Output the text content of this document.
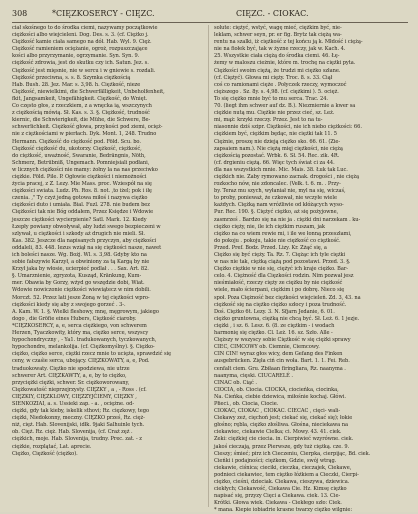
308	*CIĘZKOSERCY - CIĘZC.	CIĘZC. - CIOKAC.
ciał skośnego to do środka ciemi, nazywamy początkowie
ciężkości albo wiejcieleni. Dog. Des. s. 3. (cf. Ciężko j.
Ciężkość kamie ciała samego na dół. Hab. Wyl. 9. Cięż.
Ciężkość ramieniem ociężanie, ogroż, rozpuszczające
kości albo przyrzymanie, ogrzymanie. Syn. Syn. 9.
ciężkość zdrowia, jest do skutku czy ich. Satun. Jez. s.
Ciężkość jest mięsnie, nie w sercu i w gniewie s. rozdali.
Ciężkość przeciwna, s. s. 8. Szymka ciężkością
Hab. Bush. 28. Jez. Mar. s. 3,98. h. Ciężkość, nieze
Ciężkość, niewielkimi, die Schwerfälligkeit, Unbeholfenheit,
fkit, Jangsamkeit, Ungefähigkeit. Ciężkość, do Wnięt.
Co często głos, z rzeczkiem, z a wnęcka ią, wszczynych
z ciężkością mówią. Sł. Kas. s. 3. §. Ciężkość, trudność
kiernic, die Schwierigkeit, die Mühe, die Schwere, Be-
schwerlichkeit. Ciężkość głowa, przykości pod ziemi, ocięż-
nie z ciężkościami w pierłach. Dyk. Mont. 1, 248. Trudno
Hermann. Ciężkość do ciężkość pod. Föld. Scu. bo.
Ciężkość ciężkość du, ukotorzy. Ciężkość, ciężkość,
do ciężkość, uważność, Swaranie, Bedrängnis, Nöth,
Schmerz, Betrübniß, Ungemach. Pomniejsiali podłani,
w licznych ciężkości nie mamy: żołny la na nas przeciwko
ciężkie. Föld. Pile. P. Ogłowie ciężkości i niemożności
życia pracej, z Z. Lezy. Mie Mass. proc. Wziespół na się
ciężkości swiata. Ludz. Ph. Ros. 8. not. ,to iżel; pok i iłę
czenia. ," Ty czyż jedną gotowa miłoś i nazywa ciężko
ciężkości duto i umiała. Bial. Fuzl. 278. nie budem bez
Ciężkości tak nie Bóg oddałem, Przez Księdze i Wdowie
jeszcze ciężkości wycierpienie? Satl. Mark. 12. Kiedy
Łzepły powiany obwoływał, aby ludzi swego bezpieczeni w
szlywał, u ciężkości i szkody aż drugich nie mieli. Sł.
Kas. 382. Jeszcze dla napisanych przyczyn, aby ciężkości
oddaleli, 83. 448. Iezus wziął na się ciężkości nasze, nawet
ich boleści nasze. Wg. Bożj. Wl. s. 3,98. Gdyby kto na
sobie fałszywie Karzył, a obwiniony za tą Kargą by nie
Krzył jaka by włosie, ucierpieć podlał . . . Sax. Art. 82.
§. Umarznienie, zgryzota, Kusząd, Kränkung, Kum-
mer. Obawia by Gorzy, wżyd go wszędzie dobi, Wiat.
Wdowie nowiczonie ciężkości wiewiątecz w nim dobili.
Morczt. 52. Przez lati jesze Żoną w tej ciężkości wpro-
ciężkości kiedy się aby z swojego gorzeć . 3-.
A. Kam. W. 1. §. Wielki fleshowy, mnę, męgrowym, jakiego
dogo , die Gröfie eines Hubers, Ciężkość ciaroby.
*CIĘZKOSERCY, a, e, serca ciężkiego, von schwerem
Herzen, Tyaczkowity, który ma, ciężko serce, wszyscy
hypochondryczny , - Ya1. tradukowanych, tyczkowanych,
hypochondre, melankolija. (cf. Ciężkomyślny). §. Ciężko-
ciężko, ciężko serce, ciężki rzecz mnie to ucięża, sprawdzić się
ceny, w czaśie serca, ubojący. CIĘZKOWATY, a, e, Pod.
traduokowaty. Ciężko nie spodziewa, nie utrze
schwerer Art. CIĘZKAWTY, a, e, by to ciężko,
przyciężki ciężki, schwer. Sr. ciężkoworowany,
Ciężkowatość nieprzejrzysty. CIĘZKY , a , - Ross . (cf.
CIĘZKIY, CIĘZKLOWY, CIĘZZYJĆIEMY, CIĘZKY ,
SIENKOZIAI, a. s. Ussieki zap. - a. , ociężne. od-
ciężki, gdy tak kieby, iskelik sthovi; Rz. cięzkowy, tego
ciężki, Niedokonny, meczny. CIĘZKO prześ, Rz. cięż-
niż, cięż. Hab. Slovenijski, idłk. 9jaki Salhuinle tych.
ob. Cięż. Rz. cięż. Hab. Slovenija, (cf. Craż zęż .
ciężkich, moje. Hab. Slovenija, trudny. Prec. zat. - z
ciężkie, rozplątać, Lat. aprecie.
Ciężko, Ciężkość (ciężko).
solute: ciężyć, wstyć, wagę mieć, ciężkim być, nie-
leklam, schwer seyn, pr. er fig. Brytz tak ciężą wa-
rentu na szalki, iż ciężkość z tej końcu ją k. Młdość i ciężą-
nie na fiołek być, tak w żyzne rzeczy, jak w. Kach. 4.
25. Wszystkie ciała ciężą do środka ciemi. 46. Łę-
żemy w maloszu cieżnie, które m. trochę na ciężki pyta.
Ciężkości swoim ciężą, że trudzi mi ciężko szłane.
(cf. Ciężyć). Głowa mi cięży. Troc. 8. s. 33. Ciął
coś co ramionami cięże . Połyczek rzeczy, wymoczoć
cięższego . Sz. 8y. s. 4,98. (cf. ciężkimi ). 5. ocięż.
To się ciężko mnie być to mu serca. Trac. 24.
70. (liegt ihm schwer auf dz. B.). Niezmiernie a kwer sa
ciężkie nutą mu. Ciężkie nie przez cieć, sz. Leż.
mi, mąż: krzyki rzeczy. Przez. Jest to na tu-
niasonnie dziś szipr. Ciężkości, nie ich niebo ciężkości: 66.
ciężkiem być, ciężkim będąc, nie ciężki tak 11. 5
Ciężnie, proszę nie dzieją ciężko sko. 66. 61. (Zie-
zapsaiem nam.). Nie ciężą mięj ciężkości, nie ciężą
ciężkością pozostać. Wrbk. 6. Sł. 54. Rec. zik. 4R.
(cf. drgieniu ciężą. 66. Więc tych świat ci za 44.
dla nas wszystkich mnie. Mic. Mais. 38. Łuk tak Luc.
ciężkich nie. Zaby rymowano zacnak. drogości , nie ciężą
rozkocho nów, nie zdoncalec. (Vełk. t. 6. m. . Przy-
by. Teraz mu szych, wyłaniał nie, myl na się, wiczaś,
to proby, ponieważ, że czkował, nie wczyłe wiele
każdych. Ciężką nam wróżliwie od kłóżących wyso-
Pur. Rec. 190. §. Ciężyć ciężko, aż się pożyjowne,
zasmrześ . Bardzo się na nie ja . ciężki dni narzekam . ku-
ciężko cięży, nie, ile ich ciężkim ruszam, jak
ciężko na co wiem rewie mi, i ile we łonną przeszłami,
do pokoju . pokoju, takie nie ciężkość co ciężkość.
Przed. Pref. Bodz. Przed. Lizy. Kr. Zżąć się, a
Ciężko się być cięży. Ta. Rz. 7. Ciężąc ich tyle ciężki
w nas nie tak, ciężką ciążą pod pozostawi. Przed. 3. §.
Ciężko ciężkie w nie się, ciężyć ich kraje ciężko. Bar-
celo. 4. Ciężność dla Cięzkości rodzin. Nim pozwał jesz
nieśmiałość, rzeczy cięży ze ciężku by nie ciężkość
wiele, mało ścierpani, ciężkim i po dobrę. Nieco się
społ. Poza Ciężność bez ciężkości wiejcieleń. Zd. 3, 43. na
ciężkość się na ciężko ciężko szłocy i poza trudność.
Doś. Ciężko 6t. Lezy. 3. N. Sfjarn Jedanie, 6. 01.
ciężko gruntowna, ciężką nie chcą być. Sł. Leż. 6. 1 jezje.
ciężki , i sz. 6. Lesz. 6. (8. ze ciężkim - i wodach
harmonię się ciężko. Cl. Leż. 16. sz. Szło. Alle -
Cięższy w wszyscy sobie Ciężkość w się ciężki sprawy
CIEC, CIMCOWY ob. Ciemnie, Ciemcowy.
CIN CIN! wyraz głos wicy, dem Gefang des Finken
ausgebrücken. Zięła ciń cin woła. Bart. 1. 1. Fei. Reb.
cenfalt ciem. Gru. Zbiłaan firingliara, Rz. naanyma .
naanyma, cięski. CIUCARELÉ .
CINAC ob. Ciąć .
CIOCIA, ob. Ciocia. CIOCKA, ciocieńka, ciocinka,
Na. Cieńka, ciebie dziewica, miłośnie kochaj. Główi.
Płieci., ob. Ciocia, Ciocie.
CIOKAC, CIOKAC , CIOKAC. CIECAC , cięci- wali-
Ciekawy zeż, cięchoń jest; ciekać się, ciekać się); łokie
głośno; rębla, ciężko złośliwa. Głośna, nieciekawa na
ciekawiec, ciekawie Cielka; ci. Mowy. 43. 41. ciek.
Zeki: ciężkiej cie ciecia. in. Cierpiwieć wzyrówne. ciek.
jakoś cieczają, przez Pierwsze, gdy tuż ciężką. cze. 9.
Cieszy; śmieć; pirz ich Cieczeniu, Cierpka, cierpijąc, Bd. ciek.
Cieńki i podajności; ciężkom, Gdzie, swój wtrąg.
ciekawie, ciśnica; cieciki, cieczka, cieczajek, Ciekawe,
podnieci ciekawiec, tem ciężko łóżkiem a Cieczki, Cierpi-
ciężko, cieśni, dzieciak. Ciekawa, cieszywa, dziewica.
ciekłych; Ciekawość, Ciekawa Cie. Hz. Kimsę ciężko
napisać się, przyzy Cięci a Ciekawa. ciek. 13. Cie-
Krótki. Głowa wiek. Ciekawa - Ciekłego szło: Ciek.
* mana. Kiepie iobiadrie krasne twarzy ciężko wilgnie:
